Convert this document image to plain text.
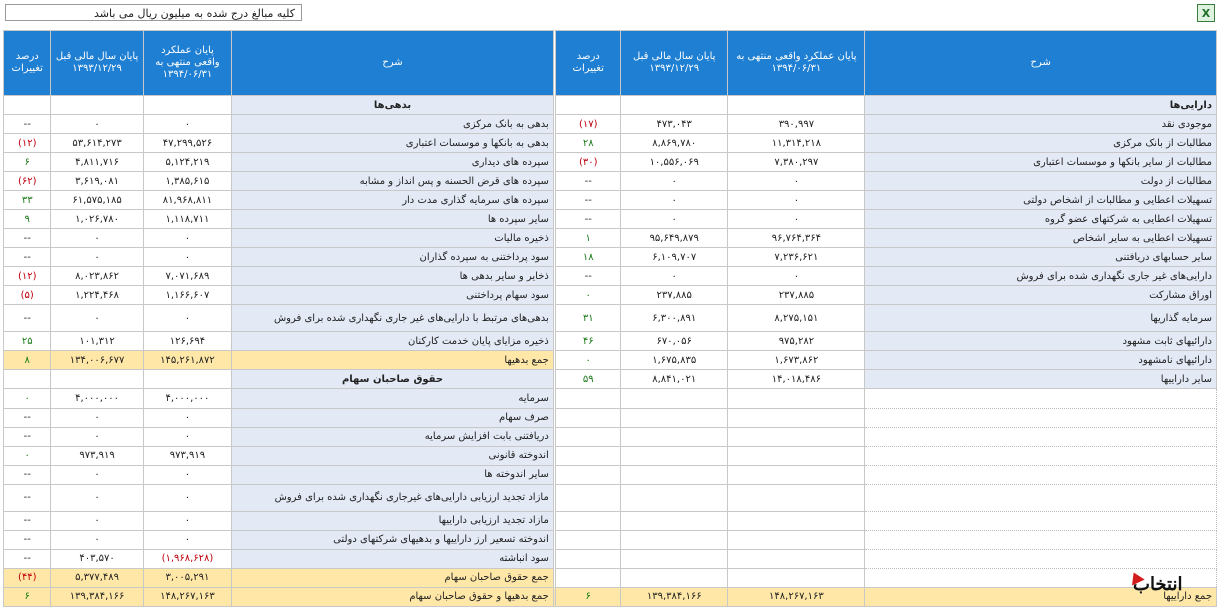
کلیه مبالغ درج شده به میلیون ریال می باشد	X
شرح	پایان عملکرد واقعی منتهی به ۱۳۹۴/۰۶/۳۱	پایان سال مالی قبل ۱۳۹۳/۱۲/۲۹	درصد تغییرات		شرح	پایان عملکرد واقعی منتهی به ۱۳۹۴/۰۶/۳۱	پایان سال مالی قبل ۱۳۹۳/۱۲/۲۹	درصد تغییرات
دارایی‌ها					بدهی‌ها			
موجودی نقد	۳۹۰,۹۹۷	۴۷۳,۰۴۳	(۱۷)		بدهی به بانک مرکزی	۰	۰	--
مطالبات از بانک مرکزی	۱۱,۳۱۴,۲۱۸	۸,۸۶۹,۷۸۰	۲۸		بدهی به بانکها و موسسات اعتباری	۴۷,۲۹۹,۵۲۶	۵۳,۶۱۴,۲۷۳	(۱۲)
مطالبات از سایر بانکها و موسسات اعتباری	۷,۳۸۰,۲۹۷	۱۰,۵۵۶,۰۶۹	(۳۰)		سپرده های دیداری	۵,۱۲۴,۲۱۹	۴,۸۱۱,۷۱۶	۶
مطالبات از دولت	۰	۰	--		سپرده های قرض الحسنه و پس انداز و مشابه	۱,۳۸۵,۶۱۵	۳,۶۱۹,۰۸۱	(۶۲)
تسهیلات اعطایی و مطالبات از اشخاص دولتی	۰	۰	--		سپرده های سرمایه گذاری مدت دار	۸۱,۹۶۸,۸۱۱	۶۱,۵۷۵,۱۸۵	۳۳
تسهیلات اعطایی به شرکتهای عضو گروه	۰	۰	--		سایر سپرده ها	۱,۱۱۸,۷۱۱	۱,۰۲۶,۷۸۰	۹
تسهیلات اعطایی به سایر اشخاص	۹۶,۷۶۴,۳۶۴	۹۵,۶۴۹,۸۷۹	۱		ذخیره مالیات	۰	۰	--
سایر حسابهای دریافتنی	۷,۲۳۶,۶۲۱	۶,۱۰۹,۷۰۷	۱۸		سود پرداختنی به سپرده گذاران	۰	۰	--
دارایی‌های غیر جاری نگهداری شده برای فروش	۰	۰	--		ذخایر و سایر بدهی ها	۷,۰۷۱,۶۸۹	۸,۰۲۳,۸۶۲	(۱۲)
اوراق مشارکت	۲۳۷,۸۸۵	۲۳۷,۸۸۵	۰		سود سهام پرداختنی	۱,۱۶۶,۶۰۷	۱,۲۲۴,۴۶۸	(۵)
سرمایه گذاریها	۸,۲۷۵,۱۵۱	۶,۳۰۰,۸۹۱	۳۱		بدهی‌های مرتبط با دارایی‌های غیر جاری نگهداری شده برای فروش	۰	۰	--
دارائیهای ثابت مشهود	۹۷۵,۲۸۲	۶۷۰,۰۵۶	۴۶		ذخیره مزایای پایان خدمت کارکنان	۱۲۶,۶۹۴	۱۰۱,۳۱۲	۲۵
دارائیهای نامشهود	۱,۶۷۳,۸۶۲	۱,۶۷۵,۸۳۵	۰		جمع بدهیها	۱۴۵,۲۶۱,۸۷۲	۱۳۴,۰۰۶,۶۷۷	۸
سایر داراییها	۱۴,۰۱۸,۴۸۶	۸,۸۴۱,۰۲۱	۵۹		حقوق صاحبان سهام			
					سرمایه	۴,۰۰۰,۰۰۰	۴,۰۰۰,۰۰۰	۰
					صرف سهام	۰	۰	--
					دریافتنی بابت افزایش سرمایه	۰	۰	--
					اندوخته قانونی	۹۷۳,۹۱۹	۹۷۳,۹۱۹	۰
					سایر اندوخته ها	۰	۰	--
					مازاد تجدید ارزیابی دارایی‌های غیرجاری نگهداری شده برای فروش	۰	۰	--
					مازاد تجدید ارزیابی داراییها	۰	۰	--
					اندوخته تسعیر ارز داراییها و بدهیهای شرکتهای دولتی	۰	۰	--
					سود انباشته	(۱,۹۶۸,۶۲۸)	۴۰۳,۵۷۰	--
					جمع حقوق صاحبان سهام	۳,۰۰۵,۲۹۱	۵,۳۷۷,۴۸۹	(۴۴)
جمع داراییها	۱۴۸,۲۶۷,۱۶۳	۱۳۹,۳۸۴,۱۶۶	۶		جمع بدهیها و حقوق صاحبان سهام	۱۴۸,۲۶۷,۱۶۳	۱۳۹,۳۸۴,۱۶۶	۶
انتخاب
